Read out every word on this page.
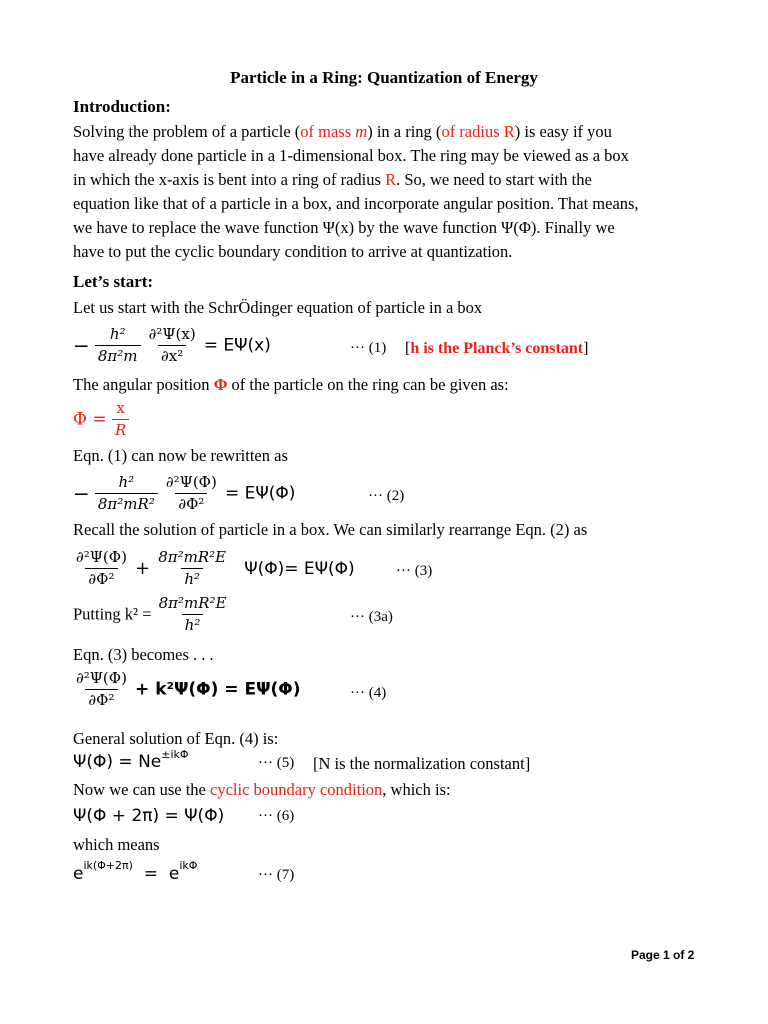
Particle in a Ring: Quantization of Energy
Introduction:
Solving the problem of a particle (of mass m) in a ring (of radius R) is easy if you
have already done particle in a 1-dimensional box. The ring may be viewed as a box
in which the x-axis is bent into a ring of radius R. So, we need to start with the
equation like that of a particle in a box, and incorporate angular position. That means,
we have to replace the wave function Ψ(x) by the wave function Ψ(Φ). Finally we
have to put the cyclic boundary condition to arrive at quantization.
Let’s start:
Let us start with the SchrÖdinger equation of particle in a box
− $\frac{\text{h²}}{\text{8π²m}}$
$\frac{\text{∂²Ψ(x)}}{\text{∂x²}} = E\Psi(x)$	··· (1) [h is the Planck’s constant]
The angular position Φ of the particle on the ring can be given as:
$\Phi = \frac{x}{R}$
Eqn. (1) can now be rewritten as
− $\frac{\text{h²}}{\text{8π²mR²}}$
$\frac{\text{∂²Ψ(Φ)}}{\text{∂Φ²}} = E\Psi(\Phi)$	··· (2)
Recall the solution of particle in a box. We can similarly rearrange Eqn. (2) as
$\frac{\text{∂²Ψ(Φ)}}{\text{∂Φ²}} + \frac{\text{8π²mR²E}}{\text{h²}} \Psi(\Phi)= E\Psi(\Phi)$	··· (3)
Putting $k^2 = \frac{\text{8π²mR²E}}{\text{h²}}$	··· (3a)
Eqn. (3) becomes . . .
$\frac{\text{∂²Ψ(Φ)}}{\text{∂Φ²}} + k^2\Psi(\Phi) = E\Psi(\Phi)$	··· (4)
General solution of Eqn. (4) is:
$\Psi(\Phi) = Ne^{\pm ik\Phi}$
··· (5) [N is the normalization constant]
Now we can use the cyclic boundary condition, which is:
Ψ(Φ + 2π) = Ψ(Φ) ··· (6)
which means
$e^{ik(\Phi+2\pi)} = e^{ik\Phi}$
··· (7)
Page 1 of 2
